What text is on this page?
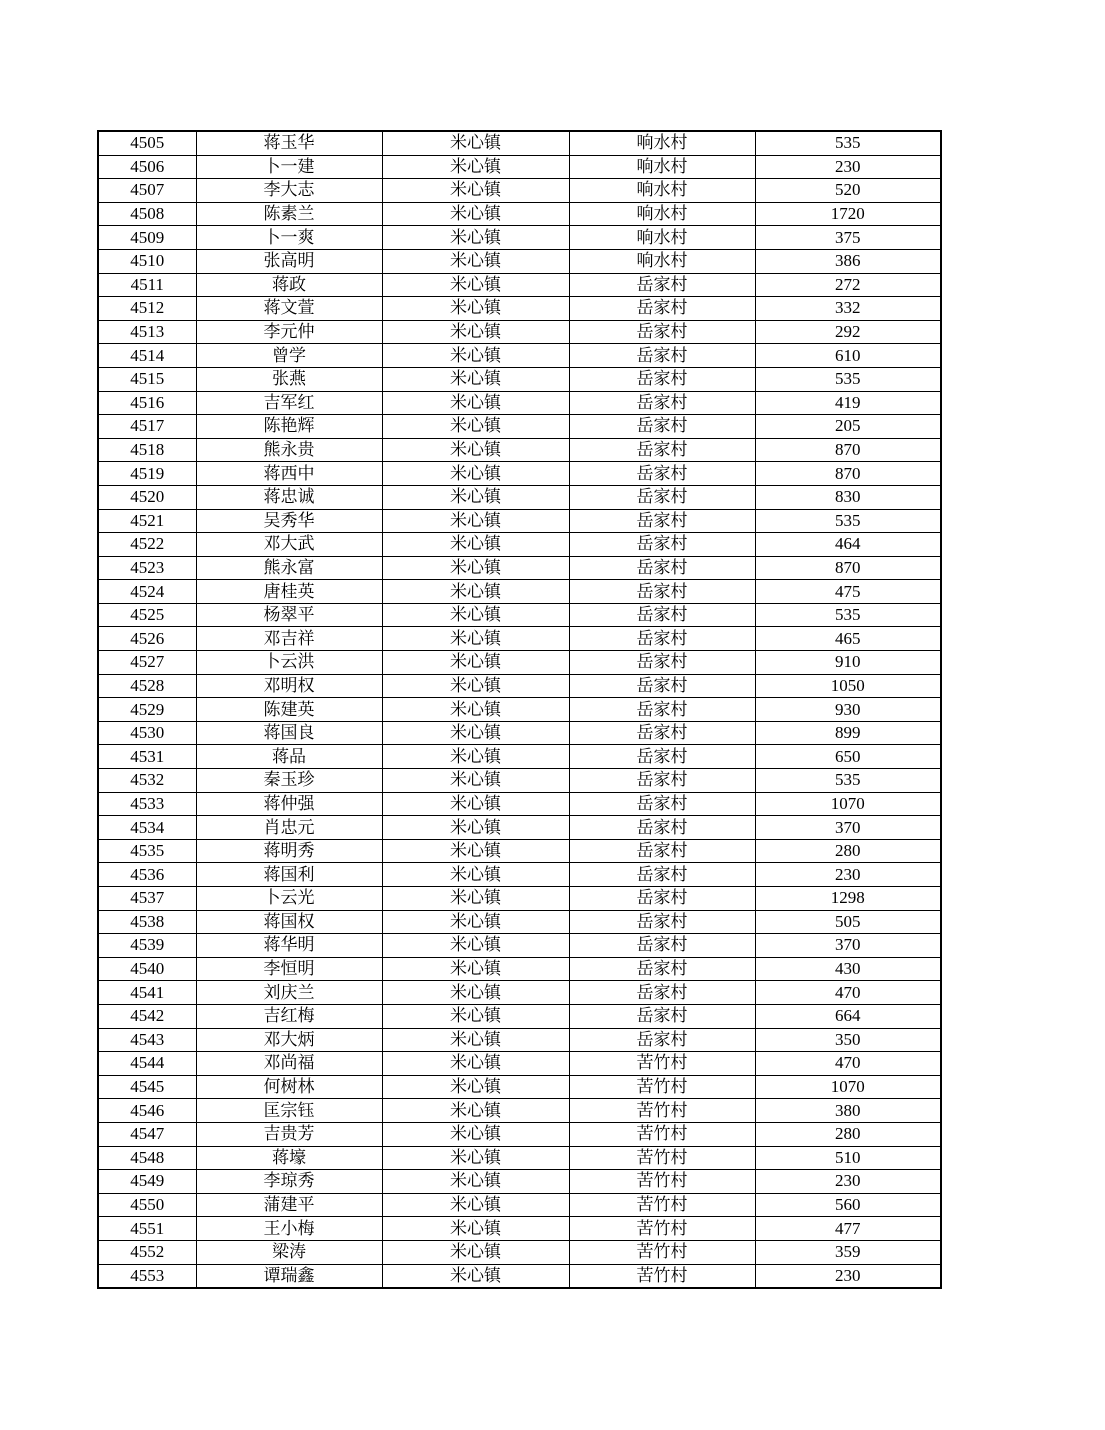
4505	蒋玉华	米心镇	响水村	535
4506	卜一建	米心镇	响水村	230
4507	李大志	米心镇	响水村	520
4508	陈素兰	米心镇	响水村	1720
4509	卜一爽	米心镇	响水村	375
4510	张高明	米心镇	响水村	386
4511	蒋政	米心镇	岳家村	272
4512	蒋文萱	米心镇	岳家村	332
4513	李元仲	米心镇	岳家村	292
4514	曾学	米心镇	岳家村	610
4515	张燕	米心镇	岳家村	535
4516	吉军红	米心镇	岳家村	419
4517	陈艳辉	米心镇	岳家村	205
4518	熊永贵	米心镇	岳家村	870
4519	蒋西中	米心镇	岳家村	870
4520	蒋忠诚	米心镇	岳家村	830
4521	吴秀华	米心镇	岳家村	535
4522	邓大武	米心镇	岳家村	464
4523	熊永富	米心镇	岳家村	870
4524	唐桂英	米心镇	岳家村	475
4525	杨翠平	米心镇	岳家村	535
4526	邓吉祥	米心镇	岳家村	465
4527	卜云洪	米心镇	岳家村	910
4528	邓明权	米心镇	岳家村	1050
4529	陈建英	米心镇	岳家村	930
4530	蒋国良	米心镇	岳家村	899
4531	蒋品	米心镇	岳家村	650
4532	秦玉珍	米心镇	岳家村	535
4533	蒋仲强	米心镇	岳家村	1070
4534	肖忠元	米心镇	岳家村	370
4535	蒋明秀	米心镇	岳家村	280
4536	蒋国利	米心镇	岳家村	230
4537	卜云光	米心镇	岳家村	1298
4538	蒋国权	米心镇	岳家村	505
4539	蒋华明	米心镇	岳家村	370
4540	李恒明	米心镇	岳家村	430
4541	刘庆兰	米心镇	岳家村	470
4542	吉红梅	米心镇	岳家村	664
4543	邓大炳	米心镇	岳家村	350
4544	邓尚福	米心镇	苦竹村	470
4545	何树林	米心镇	苦竹村	1070
4546	匡宗钰	米心镇	苦竹村	380
4547	吉贵芳	米心镇	苦竹村	280
4548	蒋壕	米心镇	苦竹村	510
4549	李琼秀	米心镇	苦竹村	230
4550	蒲建平	米心镇	苦竹村	560
4551	王小梅	米心镇	苦竹村	477
4552	梁涛	米心镇	苦竹村	359
4553	谭瑞鑫	米心镇	苦竹村	230
